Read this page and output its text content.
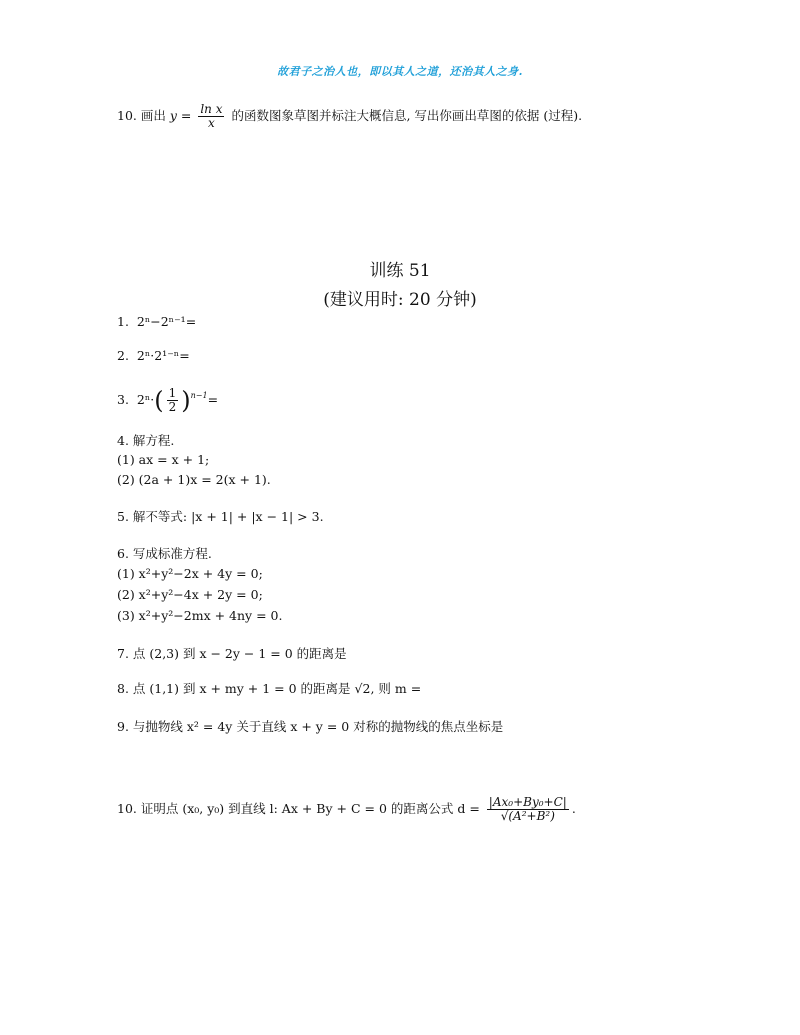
故君子之治人也，即以其人之道，还治其人之身.
10. 画出 $y = \frac{\text{ln x}}{x}$ 的函数图象草图并标注大概信息, 写出你画出草图的依据 (过程).
训练 51
(建议用时: 20 分钟)
1. 2ⁿ−2ⁿ⁻¹=
2. 2ⁿ·2¹⁻ⁿ=
3. $2^n\cdot( \frac{1}{2} )^{n-1}=$
4. 解方程.
(1) ax = x + 1;
(2) (2a + 1)x = 2(x + 1).
5. 解不等式: |x + 1| + |x − 1| > 3.
6. 写成标准方程.
(1) x²+y²−2x + 4y = 0;
(2) x²+y²−4x + 2y = 0;
(3) x²+y²−2mx + 4ny = 0.
7. 点 (2,3) 到 x − 2y − 1 = 0 的距离是
8. 点 (1,1) 到 x + my + 1 = 0 的距离是 √2, 则 m =
9. 与抛物线 x² = 4y 关于直线 x + y = 0 对称的抛物线的焦点坐标是
10. 证明点 (x₀, y₀) 到直线 l: Ax + By + C = 0 的距离公式 $d = \frac{\text{|Ax₀+By₀+C|}}{\text{√(A²+B²)}}$ .
